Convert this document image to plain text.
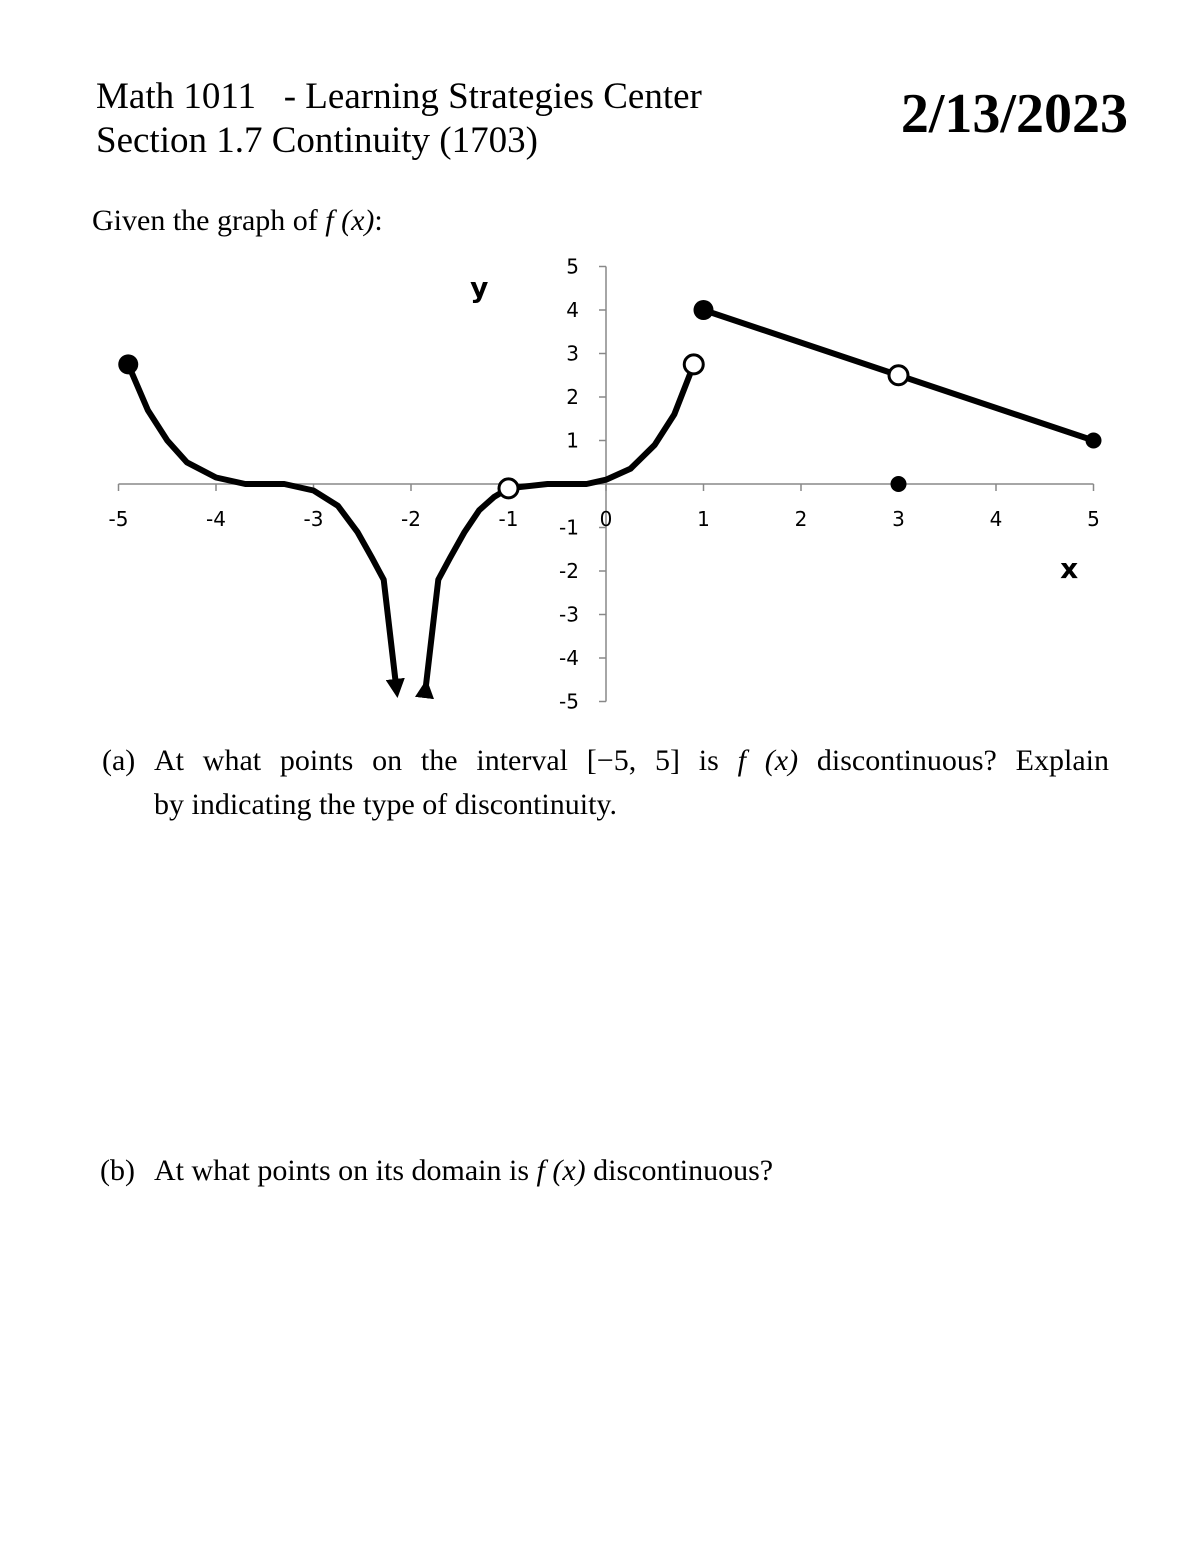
Math 1011   - Learning Strategies Center
Section 1.7 Continuity (1703)	2/13/2023
Given the graph of f (x):
-5	-4	-3	-2	-1	0	1	2	3	4	5
5
4
3
2
1
-1
-2
-3
-4
-5
x
y

(a)

At what points on the interval [−5, 5] is f (x) discontinuous? Explain

by indicating the type of discontinuity.

(b) At what points on its domain is f (x) discontinuous?
